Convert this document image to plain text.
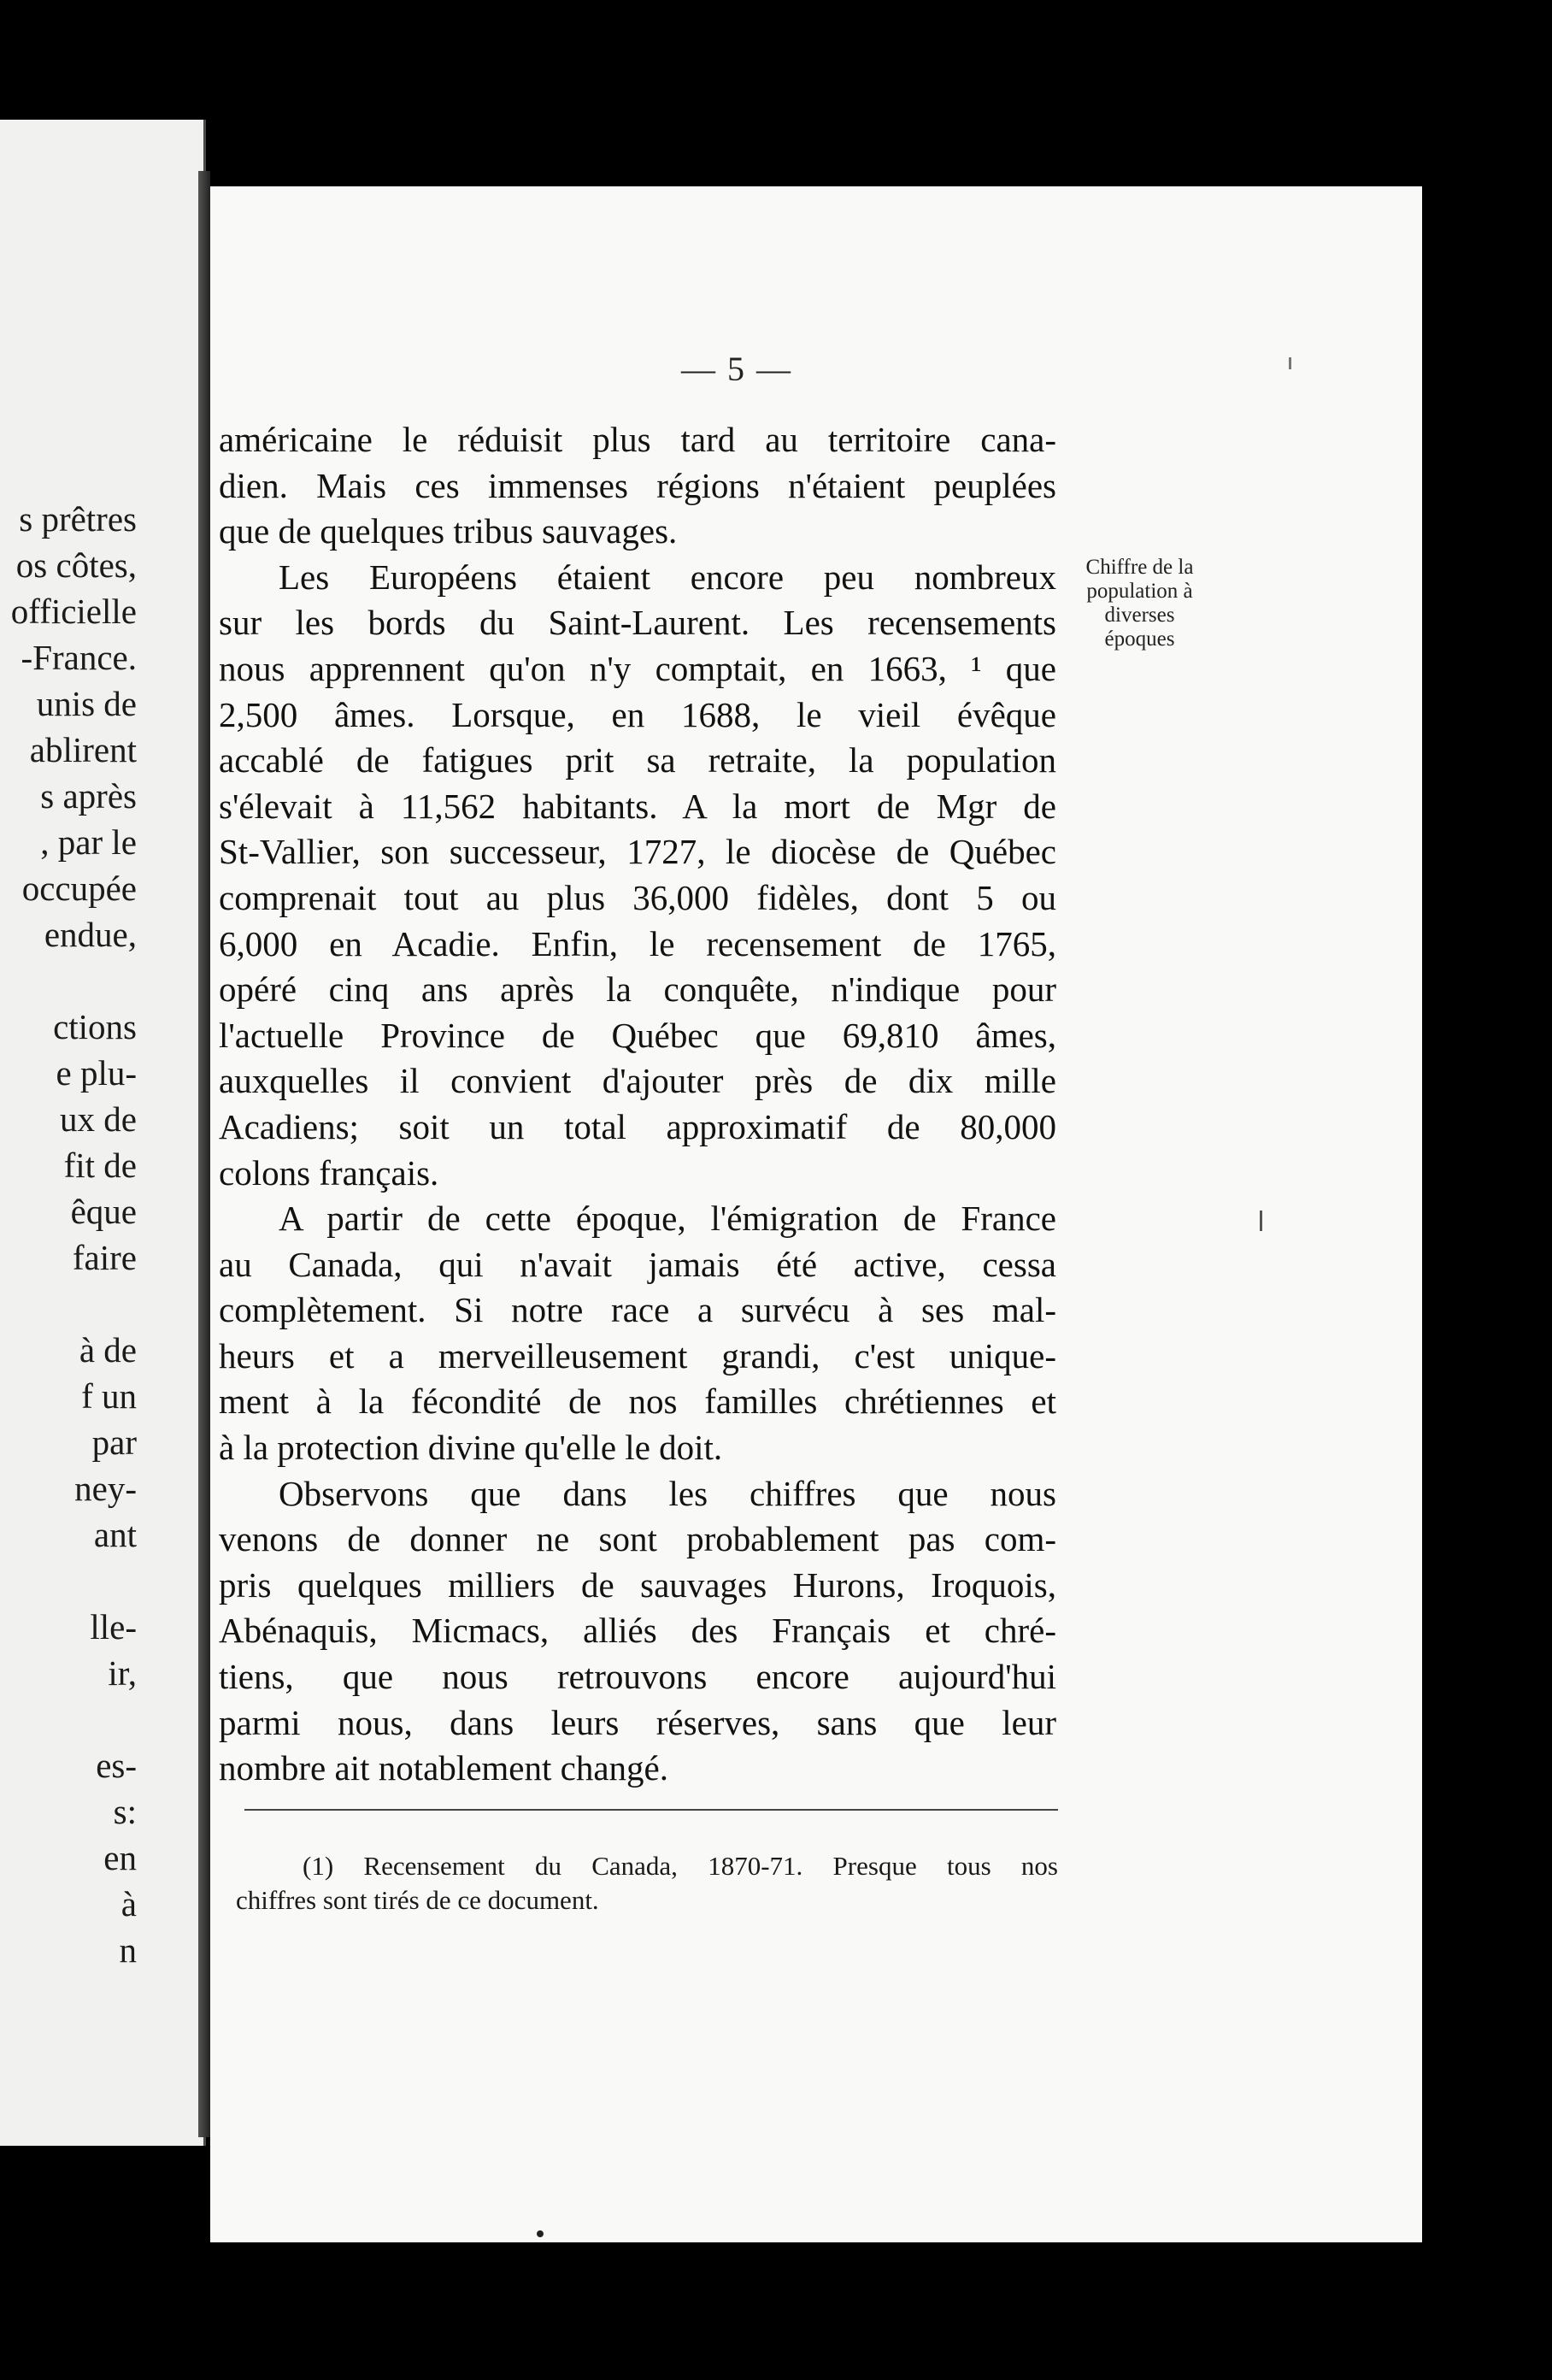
s prêtres
os côtes,
officielle
-France.
unis de
ablirent
s après
, par le
occupée
endue,

ctions
e plu-
ux de
fit de
êque
faire

à de
f un
par
ney-
ant

lle-
ir,

es-
s:
en
à
n
— 5 —
américaine le réduisit plus tard au territoire cana-
dien. Mais ces immenses régions n'étaient peuplées
que de quelques tribus sauvages.
Les Européens étaient encore peu nombreux
sur les bords du Saint-Laurent. Les recensements
nous apprennent qu'on n'y comptait, en 1663, ¹ que
2,500 âmes. Lorsque, en 1688, le vieil évêque
accablé de fatigues prit sa retraite, la population
s'élevait à 11,562 habitants. A la mort de Mgr de
St-Vallier, son successeur, 1727, le diocèse de Québec
comprenait tout au plus 36,000 fidèles, dont 5 ou
6,000 en Acadie. Enfin, le recensement de 1765,
opéré cinq ans après la conquête, n'indique pour
l'actuelle Province de Québec que 69,810 âmes,
auxquelles il convient d'ajouter près de dix mille
Acadiens; soit un total approximatif de 80,000
colons français.
A partir de cette époque, l'émigration de France
au Canada, qui n'avait jamais été active, cessa
complètement. Si notre race a survécu à ses mal-
heurs et a merveilleusement grandi, c'est unique-
ment à la fécondité de nos familles chrétiennes et
à la protection divine qu'elle le doit.
Observons que dans les chiffres que nous
venons de donner ne sont probablement pas com-
pris quelques milliers de sauvages Hurons, Iroquois,
Abénaquis, Micmacs, alliés des Français et chré-
tiens, que nous retrouvons encore aujourd'hui
parmi nous, dans leurs réserves, sans que leur
nombre ait notablement changé.
Chiffre de la
population à
diverses
époques
(1) Recensement du Canada, 1870-71. Presque tous nos
chiffres sont tirés de ce document.
